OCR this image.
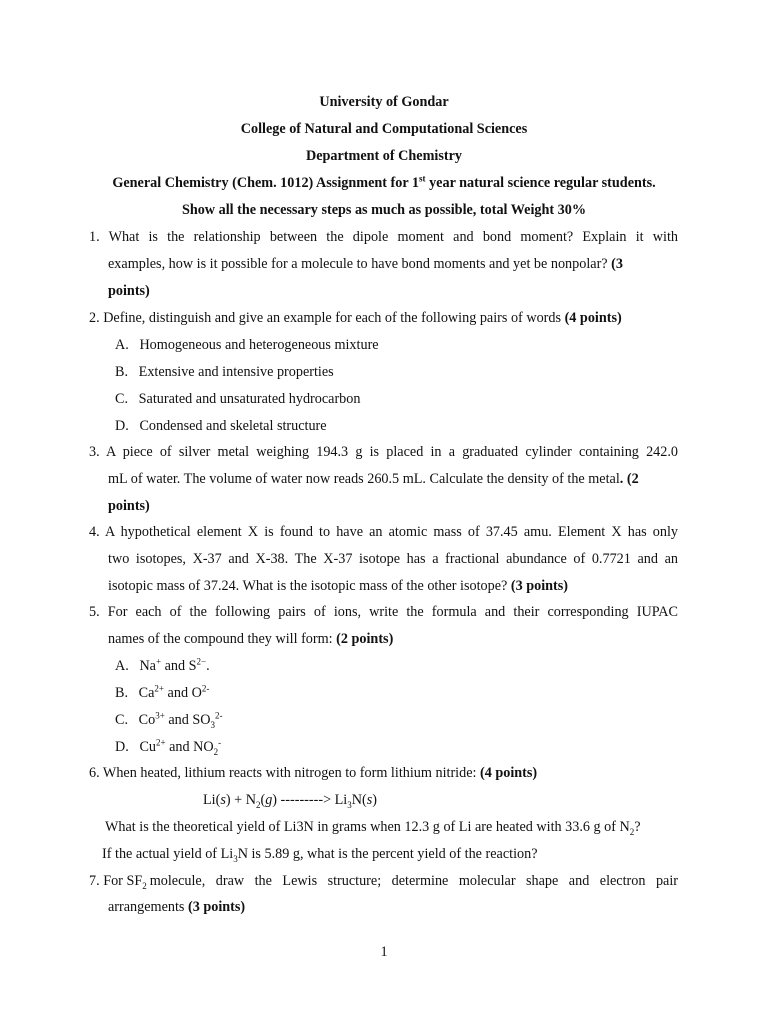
University of Gondar
College of Natural and Computational Sciences
Department of Chemistry
General Chemistry (Chem. 1012) Assignment for 1st year natural science regular students.
Show all the necessary steps as much as possible, total Weight 30%
1. What is the relationship between the dipole moment and bond moment? Explain it with
examples, how is it possible for a molecule to have bond moments and yet be nonpolar? (3
points)
2. Define, distinguish and give an example for each of the following pairs of words (4 points)
A. Homogeneous and heterogeneous mixture
B. Extensive and intensive properties
C. Saturated and unsaturated hydrocarbon
D. Condensed and skeletal structure
3. A piece of silver metal weighing 194.3 g is placed in a graduated cylinder containing 242.0
mL of water. The volume of water now reads 260.5 mL. Calculate the density of the metal. (2
points)
4. A hypothetical element X is found to have an atomic mass of 37.45 amu. Element X has only
two isotopes, X-37 and X-38. The X-37 isotope has a fractional abundance of 0.7721 and an
isotopic mass of 37.24. What is the isotopic mass of the other isotope? (3 points)
5. For each of the following pairs of ions, write the formula and their corresponding IUPAC
names of the compound they will form: (2 points)
A. Na+ and $S^{2-}$.
B. $Ca^{2+}$ and $O^{2-}$
C. $Co^{3+}$ and $SO_3^{2-}$
D. $Cu^{2+}$ and $NO_2^-$
6. When heated, lithium reacts with nitrogen to form lithium nitride: (4 points)
$Li(s) + N_2(g)$ ---------> $Li_3N(s)$
What is the theoretical yield of Li3N in grams when 12.3 g of Li are heated with 33.6 g of $N_2$?
If the actual yield of $Li_3N$ is 5.89 g, what is the percent yield of the reaction?
7. For $SF_2$ molecule, draw the Lewis structure; determine molecular shape and electron pair
arrangements (3 points)
1
